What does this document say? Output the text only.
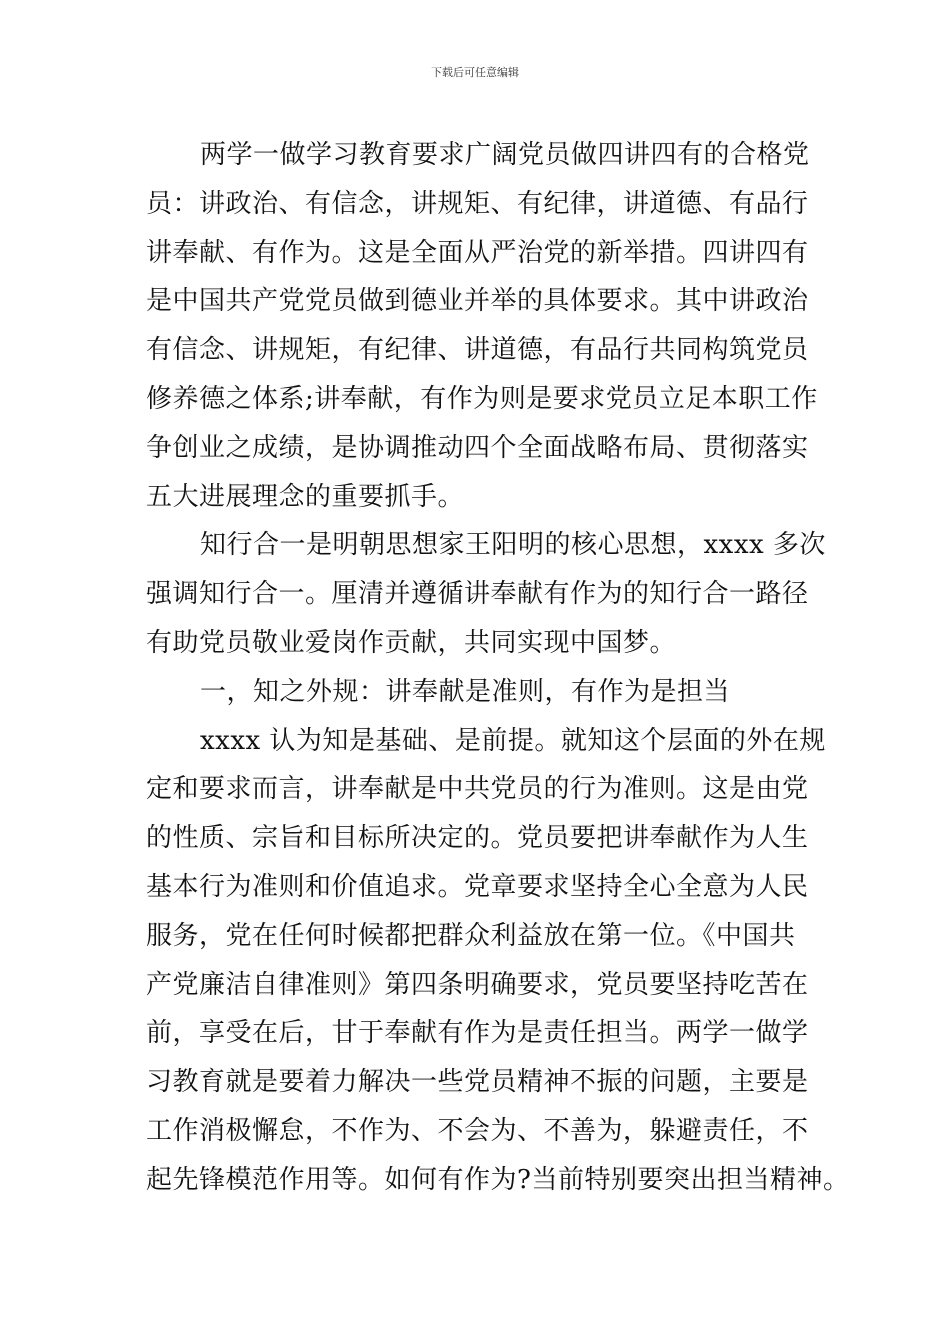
下载后可任意编辑
两学一做学习教育要求广阔党员做四讲四有的合格党
员：讲政治、有信念，讲规矩、有纪律，讲道德、有品行
讲奉献、有作为。这是全面从严治党的新举措。四讲四有
是中国共产党党员做到德业并举的具体要求。其中讲政治
有信念、讲规矩，有纪律、讲道德，有品行共同构筑党员
修养德之体系;讲奉献，有作为则是要求党员立足本职工作
争创业之成绩，是协调推动四个全面战略布局、贯彻落实
五大进展理念的重要抓手。
知行合一是明朝思想家王阳明的核心思想，xxxx 多次
强调知行合一。厘清并遵循讲奉献有作为的知行合一路径
有助党员敬业爱岗作贡献，共同实现中国梦。
一，知之外规：讲奉献是准则，有作为是担当
xxxx 认为知是基础、是前提。就知这个层面的外在规
定和要求而言，讲奉献是中共党员的行为准则。这是由党
的性质、宗旨和目标所决定的。党员要把讲奉献作为人生
基本行为准则和价值追求。党章要求坚持全心全意为人民
服务，党在任何时候都把群众利益放在第一位。《中国共
产党廉洁自律准则》第四条明确要求，党员要坚持吃苦在
前，享受在后，甘于奉献有作为是责任担当。两学一做学
习教育就是要着力解决一些党员精神不振的问题，主要是
工作消极懈怠，不作为、不会为、不善为，躲避责任，不
起先锋模范作用等。如何有作为?当前特别要突出担当精神。
